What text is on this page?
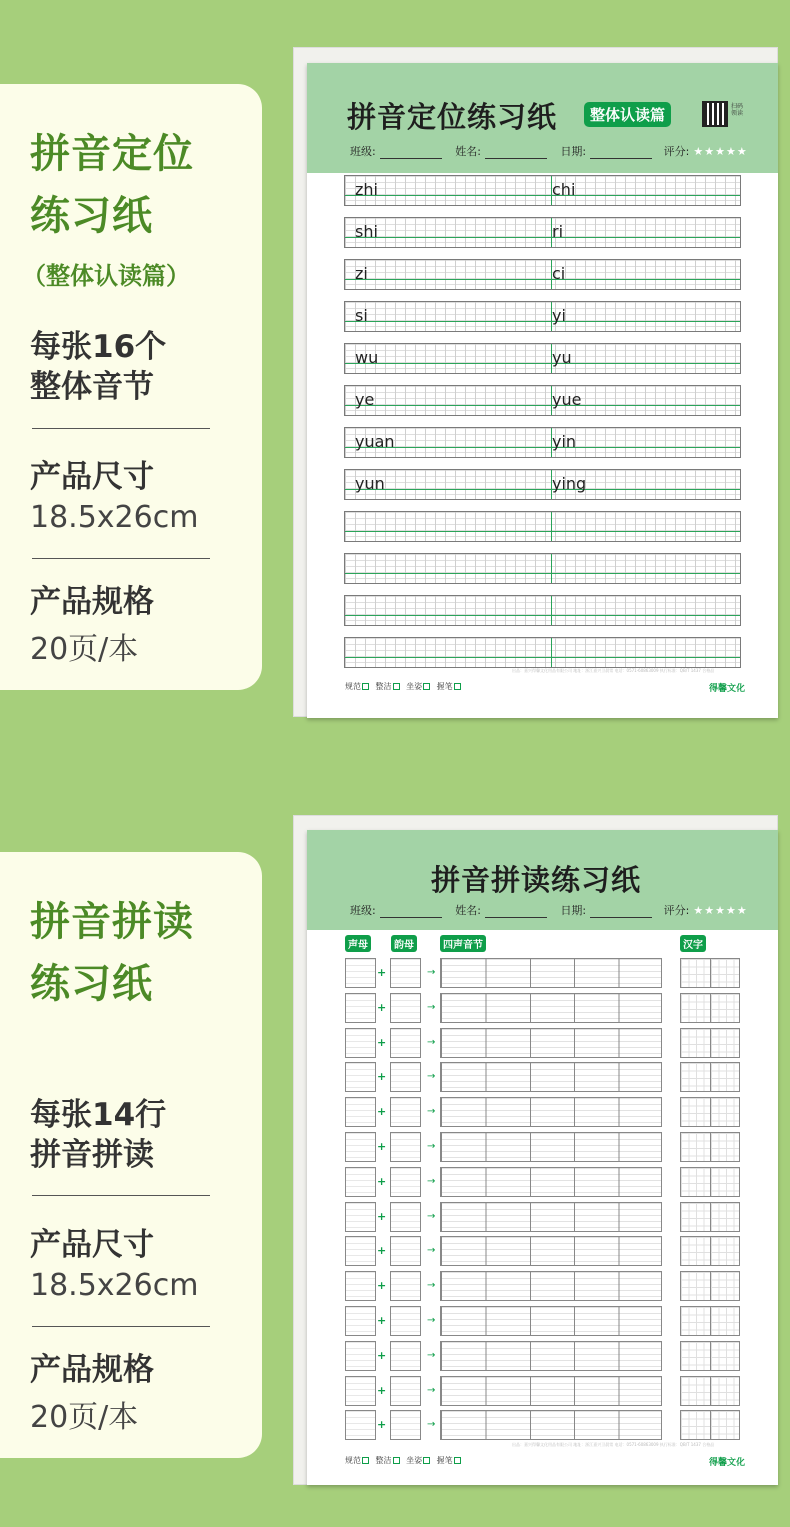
拼音定位
练习纸
（整体认读篇）
每张16个
整体音节
产品尺寸
18.5x26cm
产品规格
20页/本
拼音拼读
练习纸
每张14行
拼音拼读
产品尺寸
18.5x26cm
产品规格
20页/本
拼音定位练习纸	整体认读篇	扫码领读
班级:	姓名:	日期:	评分: ★★★★★
规范 整洁 坐姿 握笔
出品：嘉兴得馨文化用品有限公司 地址：浙江嘉兴卫晨常 电话：0571-60863009 执行标准：QB/T 1437 合格品
得馨文化
zhi	chi
shi	ri
zi	ci
si	yi
wu	yu
ye	yue
yuan	yin
yun	ying
拼音拼读练习纸
班级:	姓名:	日期:	评分: ★★★★★
声母	韵母	四声音节	汉字
规范 整洁 坐姿 握笔
出品：嘉兴得馨文化用品有限公司 地址：浙江嘉兴卫晨常 电话：0571-60863009 执行标准：QB/T 1437 合格品
得馨文化
+	→
+	→
+	→
+	→
+	→
+	→
+	→
+	→
+	→
+	→
+	→
+	→
+	→
+	→
